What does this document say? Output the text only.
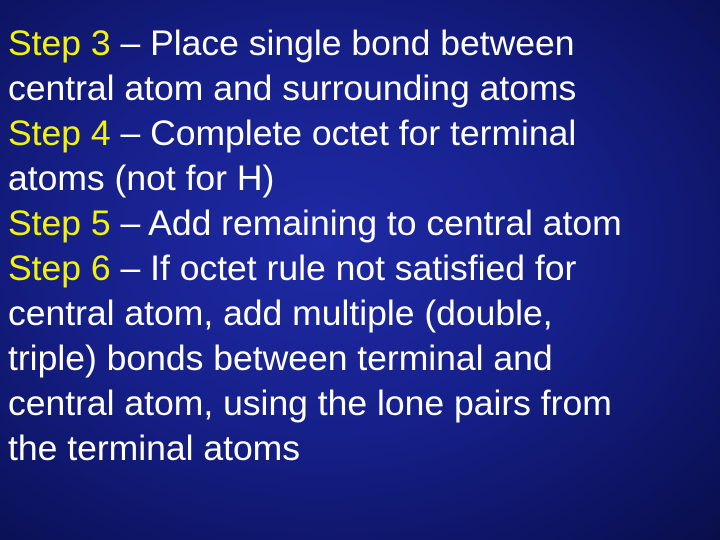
Step 3 – Place single bond between
central atom and surrounding atoms
Step 4 – Complete octet for terminal
atoms (not for H)
Step 5 – Add remaining to central atom
Step 6 – If octet rule not satisfied for
central atom, add multiple (double,
triple) bonds between terminal and
central atom, using the lone pairs from
the terminal atoms
